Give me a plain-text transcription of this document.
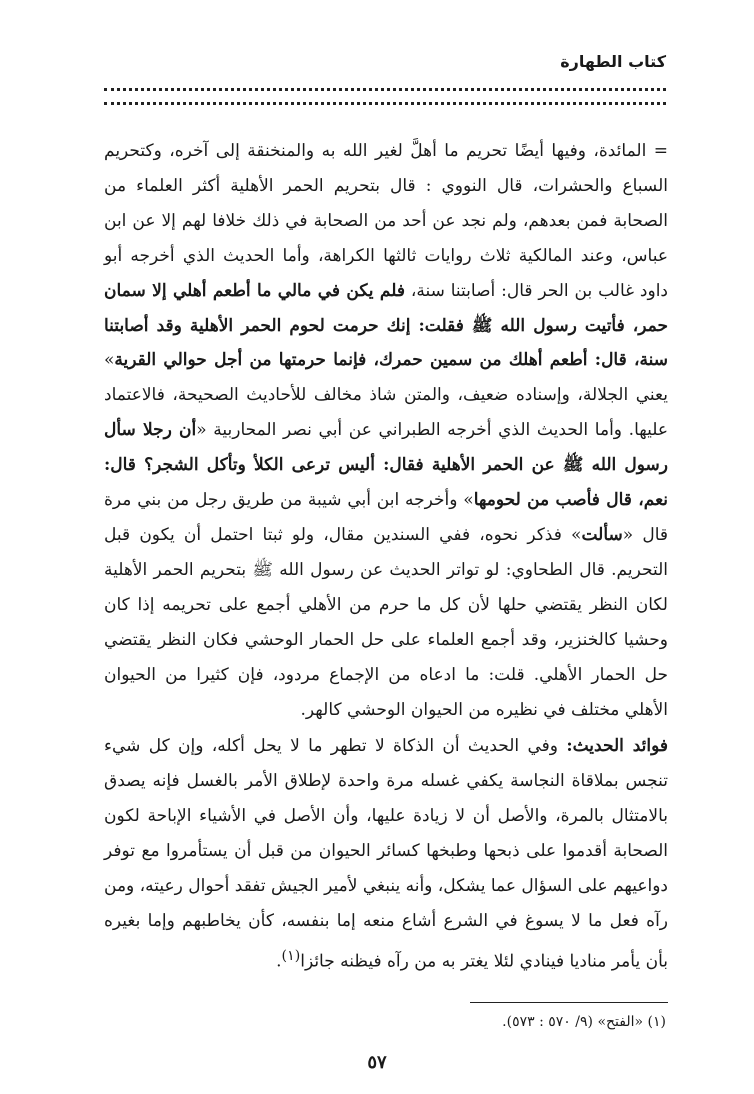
كتاب الطهارة

= المائدة، وفيها أيضًا تحريم ما أهلَّ لغير الله به والمنخنقة إلى آخره، وكتحريم السباع والحشرات، قال النووي : قال بتحريم الحمر الأهلية أكثر العلماء من الصحابة فمن بعدهم، ولم نجد عن أحد من الصحابة في ذلك خلافا لهم إلا عن ابن عباس، وعند المالكية ثلاث روايات ثالثها الكراهة، وأما الحديث الذي أخرجه أبو داود غالب بن الحر قال: أصابتنا سنة، فلم يكن في مالي ما أطعم أهلي إلا سمان حمر، فأتيت رسول الله ﷺ فقلت: إنك حرمت لحوم الحمر الأهلية وقد أصابتنا سنة، قال: أطعم أهلك من سمين حمرك، فإنما حرمتها من أجل حوالي القرية» يعني الجلالة، وإسناده ضعيف، والمتن شاذ مخالف للأحاديث الصحيحة، فالاعتماد عليها. وأما الحديث الذي أخرجه الطبراني عن أبي نصر المحاربية «أن رجلا سأل رسول الله ﷺ عن الحمر الأهلية فقال: أليس ترعى الكلأ وتأكل الشجر؟ قال: نعم، قال فأصب من لحومها» وأخرجه ابن أبي شيبة من طريق رجل من بني مرة قال «سألت» فذكر نحوه، ففي السندين مقال، ولو ثبتا احتمل أن يكون قبل التحريم. قال الطحاوي: لو تواتر الحديث عن رسول الله ﷺ بتحريم الحمر الأهلية لكان النظر يقتضي حلها لأن كل ما حرم من الأهلي أجمع على تحريمه إذا كان وحشيا كالخنزير، وقد أجمع العلماء على حل الحمار الوحشي فكان النظر يقتضي حل الحمار الأهلي. قلت: ما ادعاه من الإجماع مردود، فإن كثيرا من الحيوان الأهلي مختلف في نظيره من الحيوان الوحشي كالهر.

فوائد الحديث: وفي الحديث أن الذكاة لا تطهر ما لا يحل أكله، وإن كل شيء تنجس بملاقاة النجاسة يكفي غسله مرة واحدة لإطلاق الأمر بالغسل فإنه يصدق بالامتثال بالمرة، والأصل أن لا زيادة عليها، وأن الأصل في الأشياء الإباحة لكون الصحابة أقدموا على ذبحها وطبخها كسائر الحيوان من قبل أن يستأمروا مع توفر دواعيهم على السؤال عما يشكل، وأنه ينبغي لأمير الجيش تفقد أحوال رعيته، ومن رآه فعل ما لا يسوغ في الشرع أشاع منعه إما بنفسه، كأن يخاطبهم وإما بغيره بأن يأمر مناديا فينادي لئلا يغتر به من رآه فيظنه جائزا$^{(١)}$.

(١) «الفتح» (٩/ ٥٧٠ : ٥٧٣).
٥٧
